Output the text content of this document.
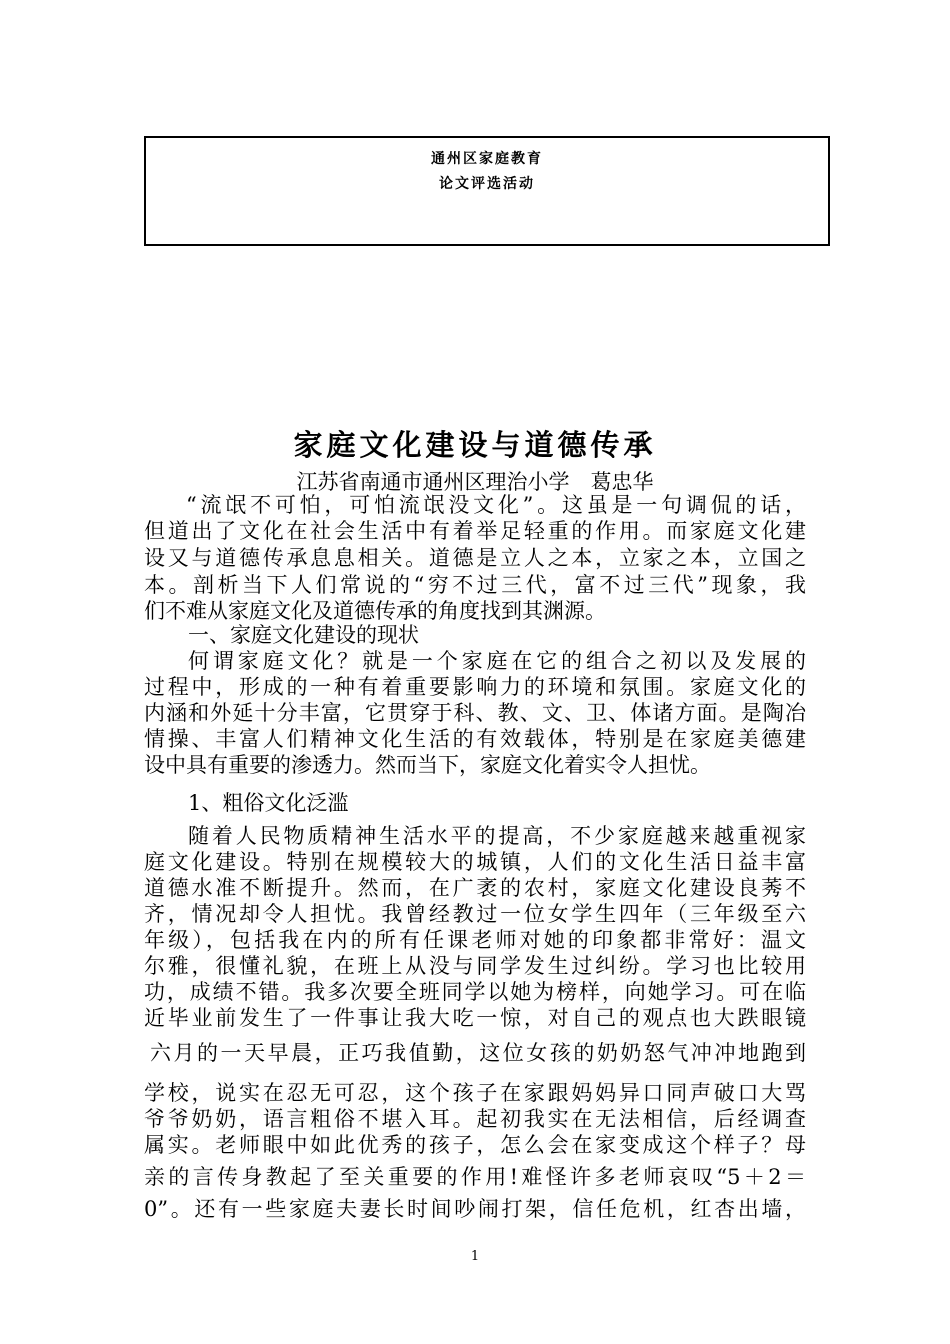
通州区家庭教育
论文评选活动
家庭文化建设与道德传承
江苏省南通市通州区理治小学　葛忠华
“流氓不可怕，可怕流氓没文化”。这虽是一句调侃的话，
但道出了文化在社会生活中有着举足轻重的作用。而家庭文化建
设又与道德传承息息相关。道德是立人之本，立家之本，立国之
本。剖析当下人们常说的“穷不过三代，富不过三代”现象，我
们不难从家庭文化及道德传承的角度找到其渊源。
一、家庭文化建设的现状
何谓家庭文化？就是一个家庭在它的组合之初以及发展的
过程中，形成的一种有着重要影响力的环境和氛围。家庭文化的
内涵和外延十分丰富，它贯穿于科、教、文、卫、体诸方面。是陶冶
情操、丰富人们精神文化生活的有效载体，特别是在家庭美德建
设中具有重要的渗透力。然而当下，家庭文化着实令人担忧。
1、粗俗文化泛滥
随着人民物质精神生活水平的提高，不少家庭越来越重视家
庭文化建设。特别在规模较大的城镇，人们的文化生活日益丰富
道德水准不断提升。然而，在广袤的农村，家庭文化建设良莠不
齐，情况却令人担忧。我曾经教过一位女学生四年（三年级至六
年级），包括我在内的所有任课老师对她的印象都非常好：温文
尔雅，很懂礼貌，在班上从没与同学发生过纠纷。学习也比较用
功，成绩不错。我多次要全班同学以她为榜样，向她学习。可在临
近毕业前发生了一件事让我大吃一惊，对自己的观点也大跌眼镜
六月的一天早晨，正巧我值勤，这位女孩的奶奶怒气冲冲地跑到
学校，说实在忍无可忍，这个孩子在家跟妈妈异口同声破口大骂
爷爷奶奶，语言粗俗不堪入耳。起初我实在无法相信，后经调查
属实。老师眼中如此优秀的孩子，怎么会在家变成这个样子？母
亲的言传身教起了至关重要的作用!难怪许多老师哀叹“5＋2＝
0”。还有一些家庭夫妻长时间吵闹打架，信任危机，红杏出墙，
1
